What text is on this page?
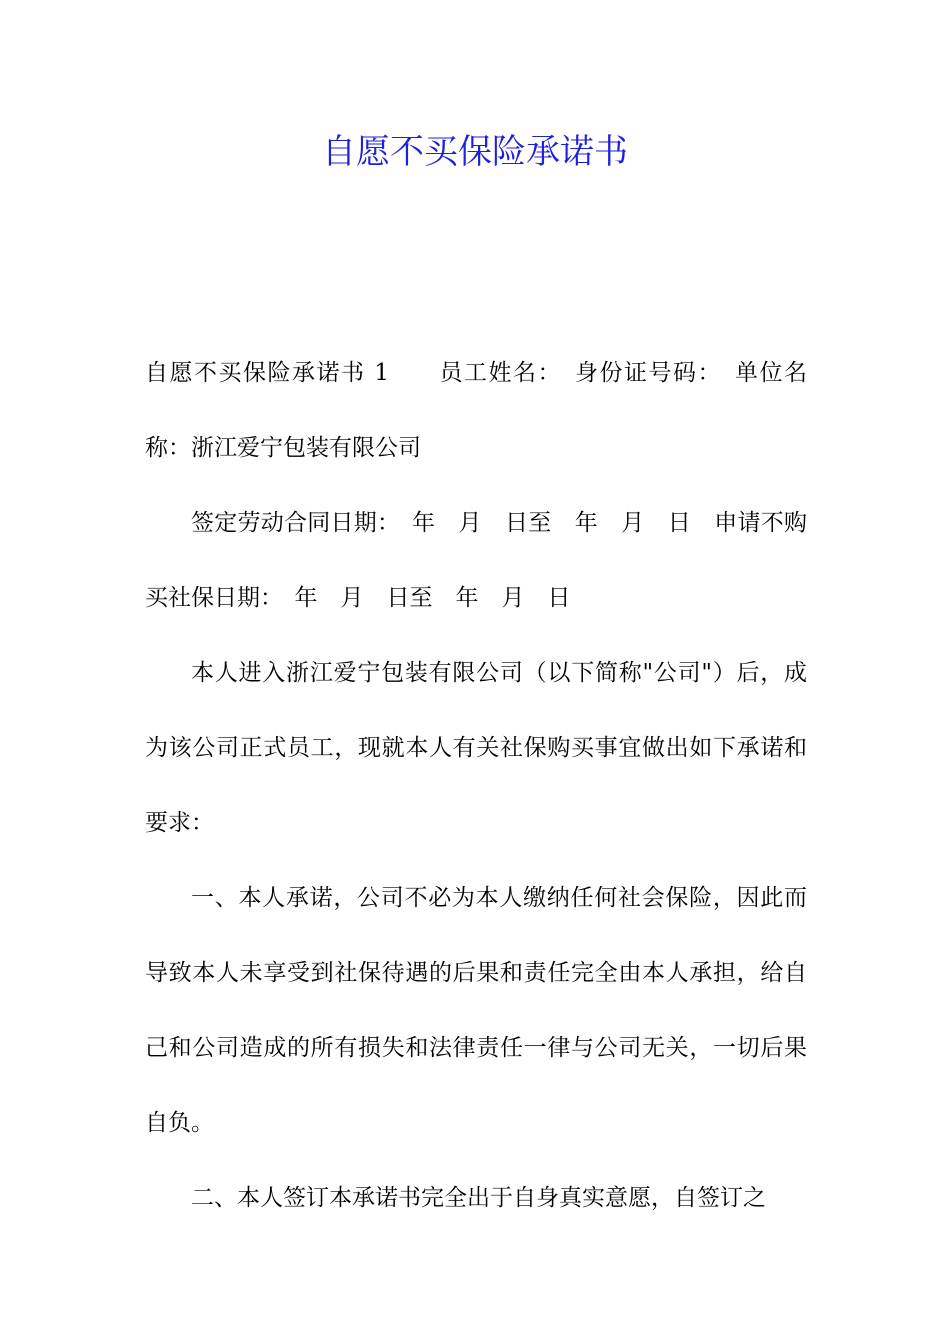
自愿不买保险承诺书

自愿不买保险承诺书 1　　员工姓名：　身份证号码：　单位名称：浙江爱宁包装有限公司

签定劳动合同日期：　年　月　日至　年　月　日　申请不购买社保日期：　年　月　日至　年　月　日

本人进入浙江爱宁包装有限公司（以下简称"公司"）后，成为该公司正式员工，现就本人有关社保购买事宜做出如下承诺和要求：

一、本人承诺，公司不必为本人缴纳任何社会保险，因此而导致本人未享受到社保待遇的后果和责任完全由本人承担，给自己和公司造成的所有损失和法律责任一律与公司无关，一切后果自负。

二、本人签订本承诺书完全出于自身真实意愿，自签订之
